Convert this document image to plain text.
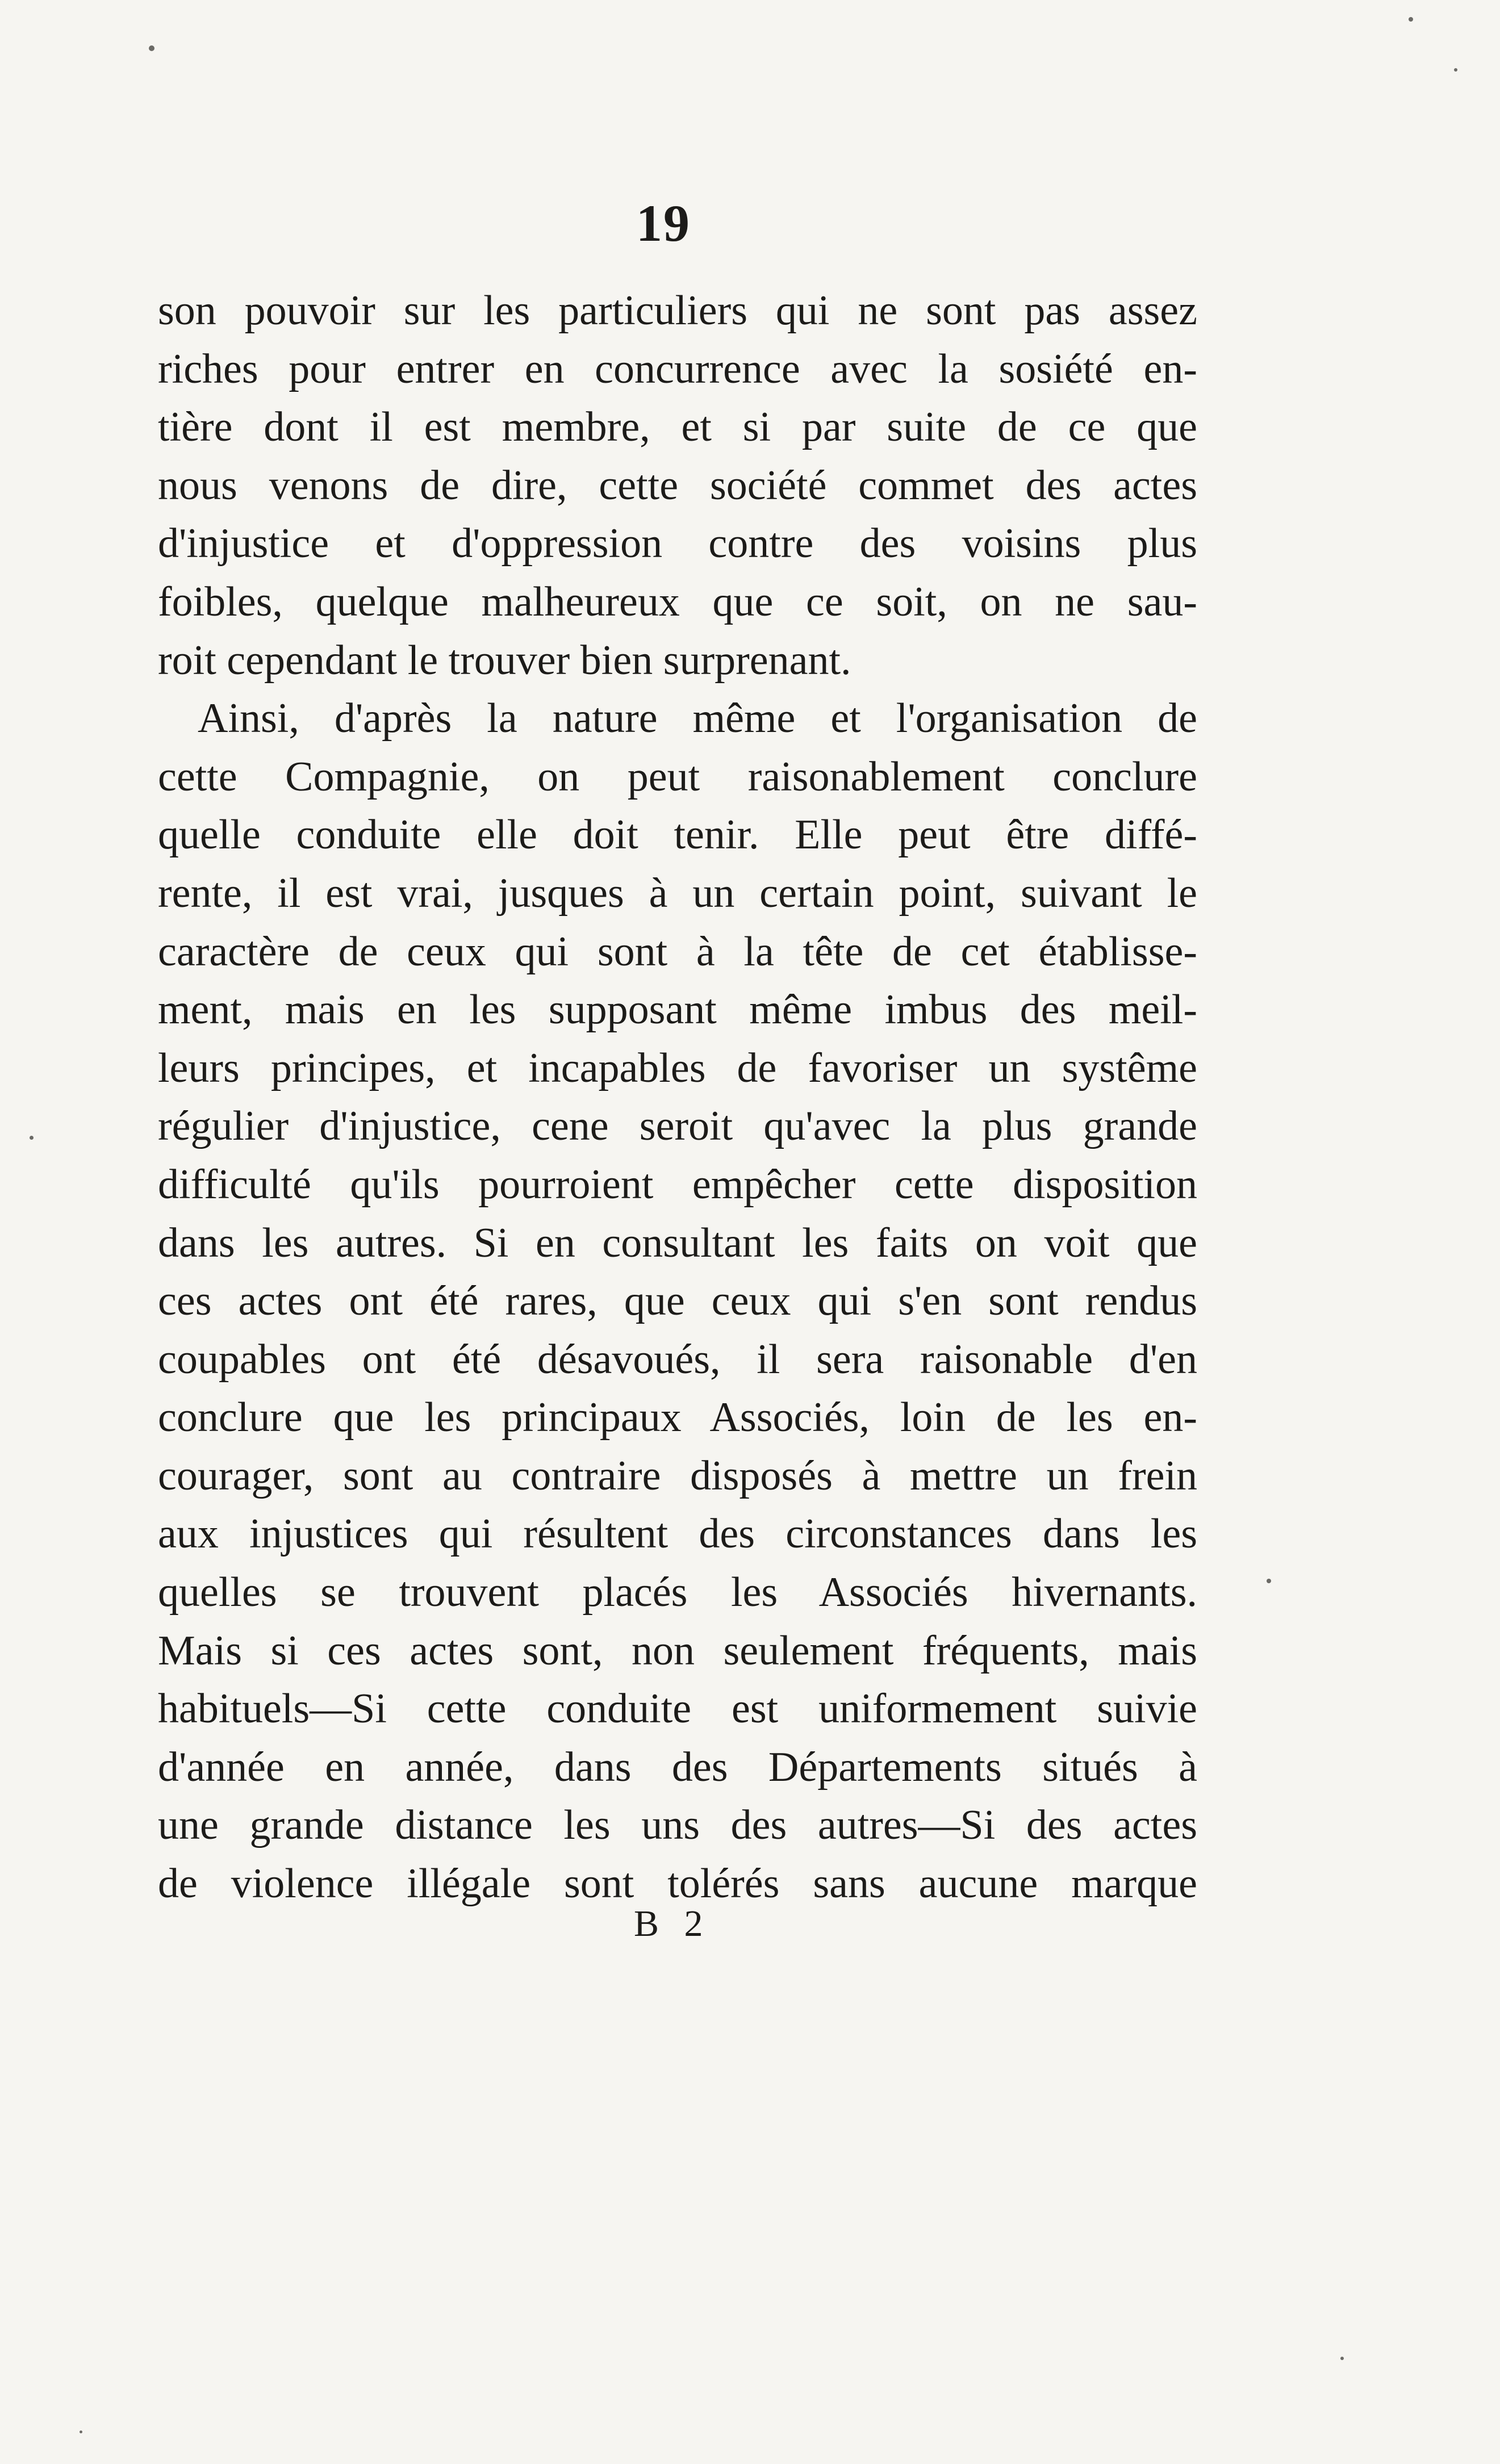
19
son pouvoir sur les particuliers qui ne sont pas assez
riches pour entrer en concurrence avec la sosiété en-
tière dont il est membre, et si par suite de ce que
nous venons de dire, cette société commet des actes
d'injustice et d'oppression contre des voisins plus
foibles, quelque malheureux que ce soit, on ne sau-
roit cependant le trouver bien surprenant.
Ainsi, d'après la nature même et l'organisation de
cette Compagnie, on peut raisonablement conclure
quelle conduite elle doit tenir. Elle peut être diffé-
rente, il est vrai, jusques à un certain point, suivant le
caractère de ceux qui sont à la tête de cet établisse-
ment, mais en les supposant même imbus des meil-
leurs principes, et incapables de favoriser un systême
régulier d'injustice, cene seroit qu'avec la plus grande
difficulté qu'ils pourroient empêcher cette disposition
dans les autres. Si en consultant les faits on voit que
ces actes ont été rares, que ceux qui s'en sont rendus
coupables ont été désavoués, il sera raisonable d'en
conclure que les principaux Associés, loin de les en-
courager, sont au contraire disposés à mettre un frein
aux injustices qui résultent des circonstances dans les
quelles se trouvent placés les Associés hivernants.
Mais si ces actes sont, non seulement fréquents, mais
habituels—Si cette conduite est uniformement suivie
d'année en année, dans des Départements situés à
une grande distance les uns des autres—Si des actes
de violence illégale sont tolérés sans aucune marque
B 2
